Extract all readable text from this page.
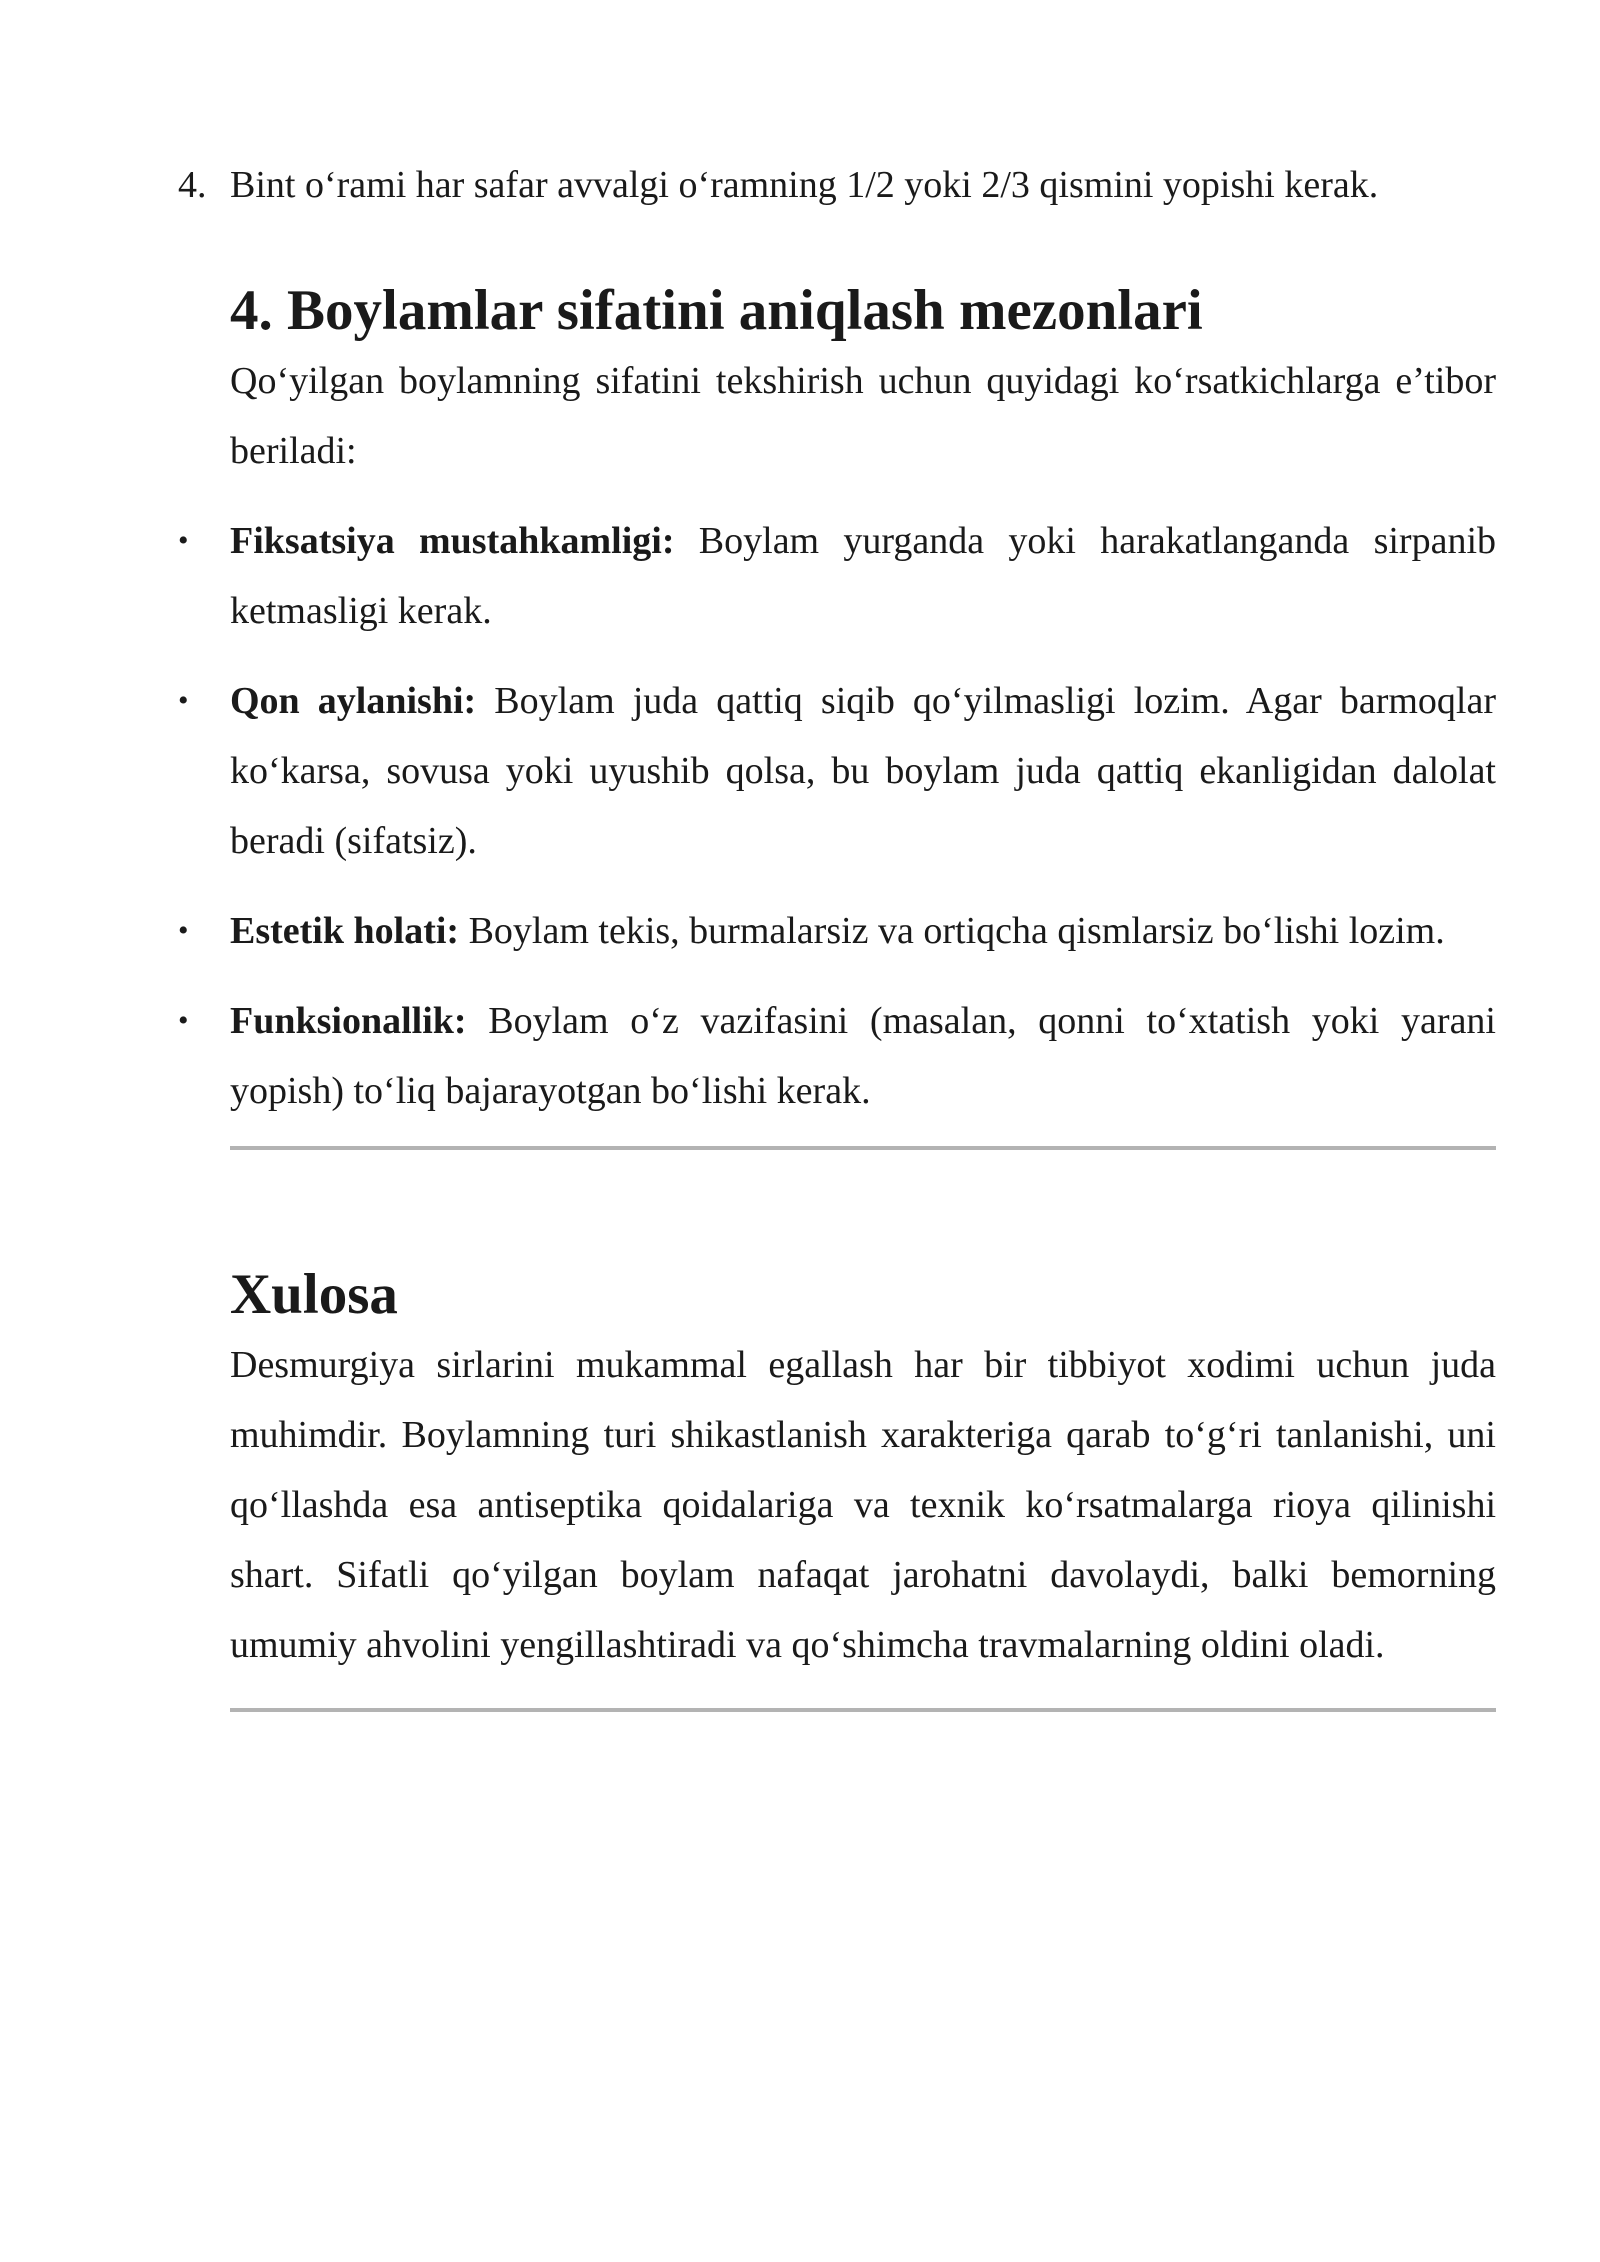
4. Bint o‘rami har safar avvalgi o‘ramning 1/2 yoki 2/3 qismini yopishi kerak.

4. Boylamlar sifatini aniqlash mezonlari

Qo‘yilgan boylamning sifatini tekshirish uchun quyidagi ko‘rsatkichlarga e’tibor beriladi:

• Fiksatsiya mustahkamligi: Boylam yurganda yoki harakatlanganda sirpanib ketmasligi kerak.
• Qon aylanishi: Boylam juda qattiq siqib qo‘yilmasligi lozim. Agar barmoqlar ko‘karsa, sovusa yoki uyushib qolsa, bu boylam juda qattiq ekanligidan dalolat beradi (sifatsiz).
• Estetik holati: Boylam tekis, burmalarsiz va ortiqcha qismlarsiz bo‘lishi lozim.
• Funksionallik: Boylam o‘z vazifasini (masalan, qonni to‘xtatish yoki yarani yopish) to‘liq bajarayotgan bo‘lishi kerak.
Xulosa

Desmurgiya sirlarini mukammal egallash har bir tibbiyot xodimi uchun juda muhimdir. Boylamning turi shikastlanish xarakteriga qarab to‘g‘ri tanlanishi, uni qo‘llashda esa antiseptika qoidalariga va texnik ko‘rsatmalarga rioya qilinishi shart. Sifatli qo‘yilgan boylam nafaqat jarohatni davolaydi, balki bemorning umumiy ahvolini yengillashtiradi va qo‘shimcha travmalarning oldini oladi.
